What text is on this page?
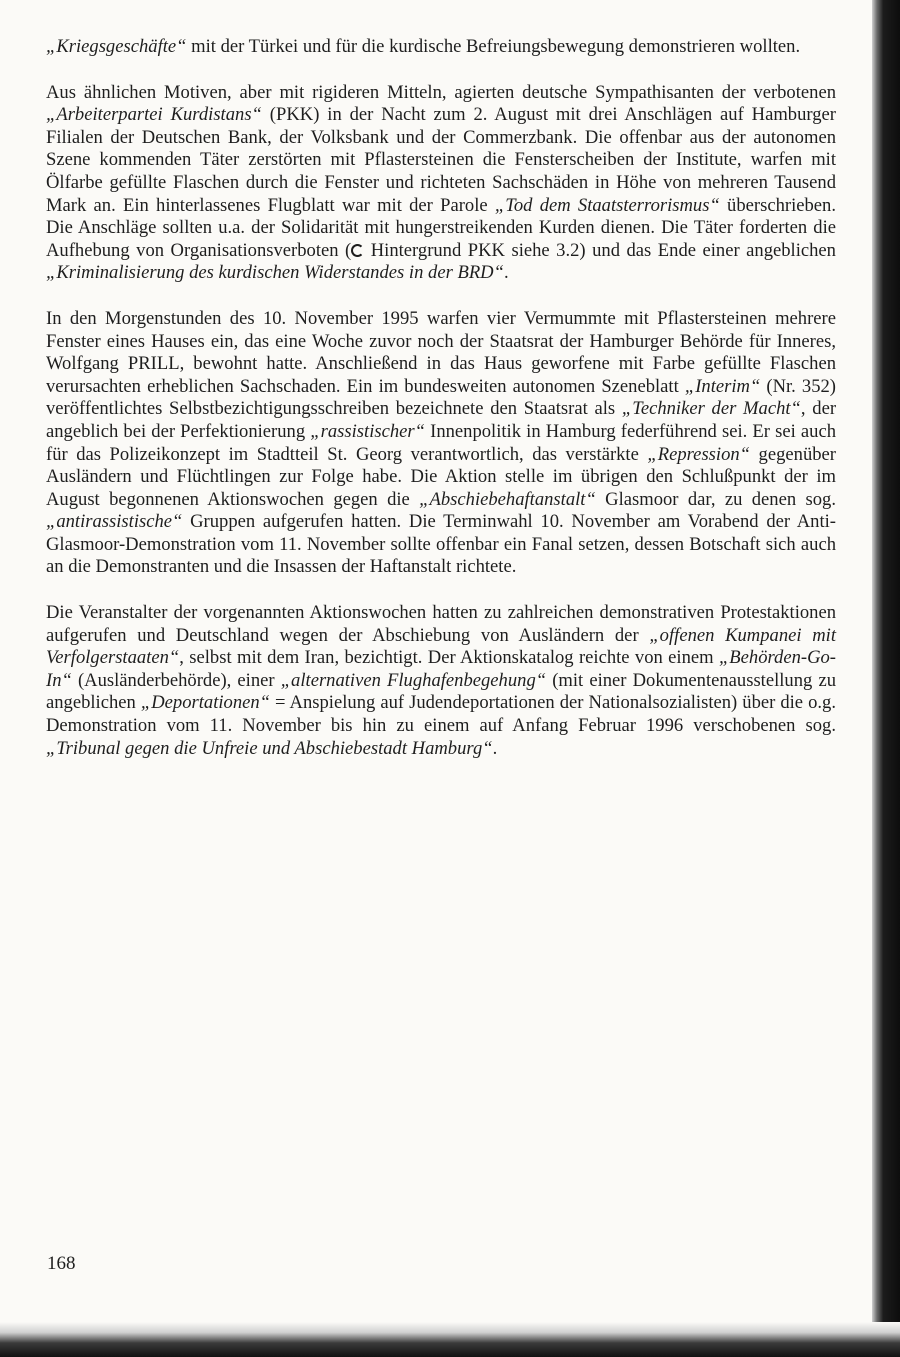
„Kriegsgeschäfte“ mit der Türkei und für die kurdische Befreiungsbewegung demonstrieren wollten.

Aus ähnlichen Motiven, aber mit rigideren Mitteln, agierten deutsche Sympathisanten der verbotenen „Arbeiterpartei Kurdistans“ (PKK) in der Nacht zum 2. August mit drei Anschlägen auf Hamburger Filialen der Deutschen Bank, der Volksbank und der Commerzbank. Die offenbar aus der autonomen Szene kommenden Täter zerstörten mit Pflastersteinen die Fensterscheiben der Institute, warfen mit Ölfarbe gefüllte Flaschen durch die Fenster und richteten Sachschäden in Höhe von mehreren Tausend Mark an. Ein hinterlassenes Flugblatt war mit der Parole „Tod dem Staatsterrorismus“ überschrieben. Die Anschläge sollten u.a. der Solidarität mit hungerstreikenden Kurden dienen. Die Täter forderten die Aufhebung von Organisationsverboten ( Hintergrund PKK siehe 3.2) und das Ende einer angeblichen „Kriminalisierung des kurdischen Widerstandes in der BRD“.

In den Morgenstunden des 10. November 1995 warfen vier Vermummte mit Pflastersteinen mehrere Fenster eines Hauses ein, das eine Woche zuvor noch der Staatsrat der Hamburger Behörde für Inneres, Wolfgang PRILL, bewohnt hatte. Anschließend in das Haus geworfene mit Farbe gefüllte Flaschen verursachten erheblichen Sachschaden. Ein im bundesweiten autonomen Szeneblatt „Interim“ (Nr. 352) veröffentlichtes Selbstbezichtigungsschreiben bezeichnete den Staatsrat als „Techniker der Macht“, der angeblich bei der Perfektionierung „rassistischer“ Innenpolitik in Hamburg federführend sei. Er sei auch für das Polizeikonzept im Stadtteil St. Georg verantwortlich, das verstärkte „Repression“ gegenüber Ausländern und Flüchtlingen zur Folge habe. Die Aktion stelle im übrigen den Schlußpunkt der im August begonnenen Aktionswochen gegen die „Abschiebehaftanstalt“ Glasmoor dar, zu denen sog. „antirassistische“ Gruppen aufgerufen hatten. Die Terminwahl 10. November am Vorabend der Anti-Glasmoor-Demonstration vom 11. November sollte offenbar ein Fanal setzen, dessen Botschaft sich auch an die Demonstranten und die Insassen der Haftanstalt richtete.

Die Veranstalter der vorgenannten Aktionswochen hatten zu zahlreichen demonstrativen Protestaktionen aufgerufen und Deutschland wegen der Abschiebung von Ausländern der „offenen Kumpanei mit Verfolgerstaaten“, selbst mit dem Iran, bezichtigt. Der Aktionskatalog reichte von einem „Behörden-Go-In“ (Ausländerbehörde), einer „alternativen Flughafenbegehung“ (mit einer Dokumentenausstellung zu angeblichen „Deportationen“ = Anspielung auf Judendeportationen der Nationalsozialisten) über die o.g. Demonstration vom 11. November bis hin zu einem auf Anfang Februar 1996 verschobenen sog. „Tribunal gegen die Unfreie und Abschiebestadt Hamburg“.

168
